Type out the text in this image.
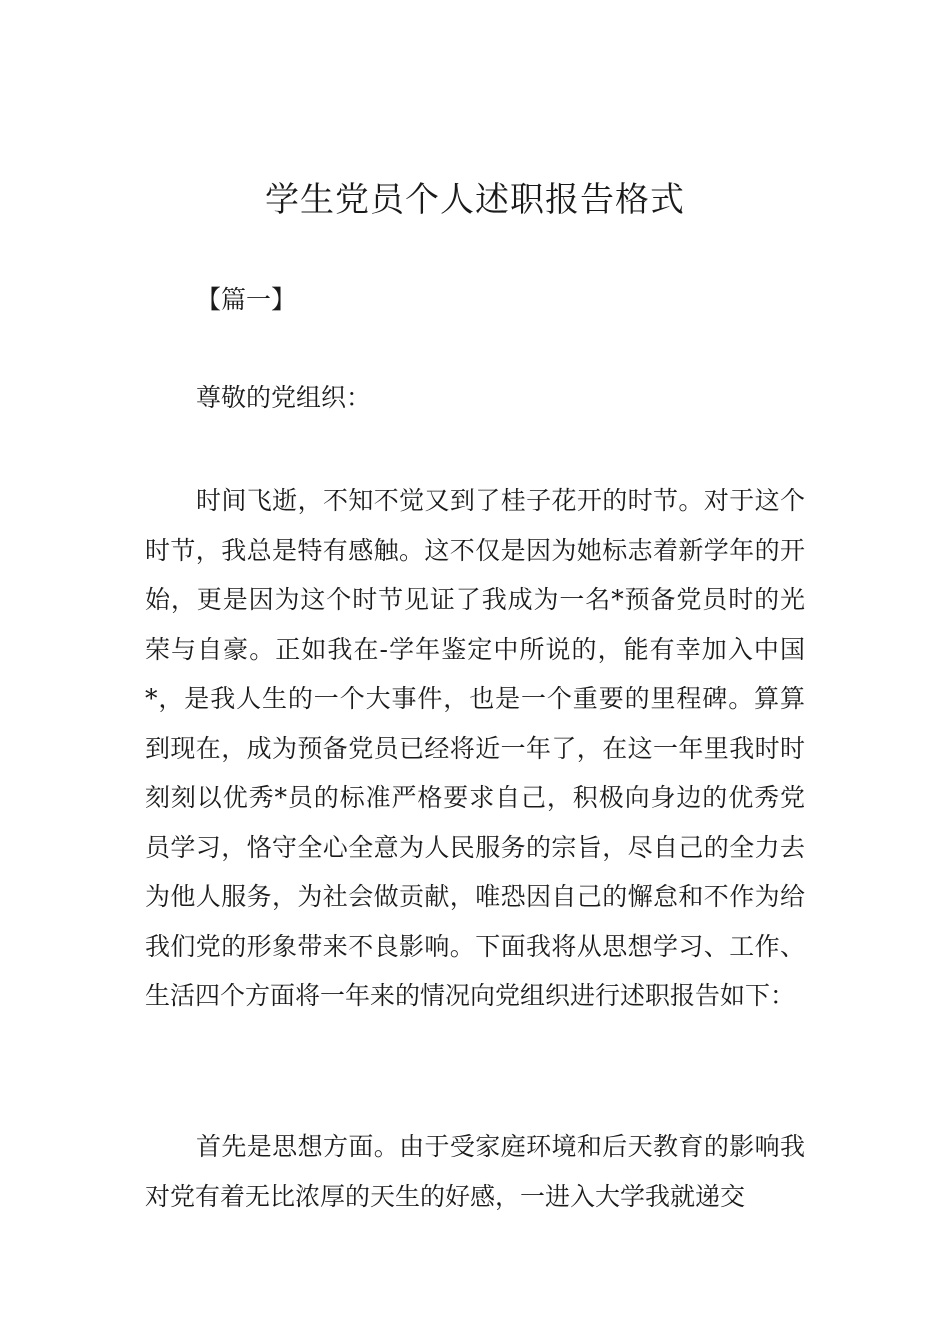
学生党员个人述职报告格式

【篇一】

尊敬的党组织：

时间飞逝，不知不觉又到了桂子花开的时节。对于这个时节，我总是特有感触。这不仅是因为她标志着新学年的开始，更是因为这个时节见证了我成为一名*预备党员时的光荣与自豪。正如我在-学年鉴定中所说的，能有幸加入中国*，是我人生的一个大事件，也是一个重要的里程碑。算算到现在，成为预备党员已经将近一年了，在这一年里我时时刻刻以优秀*员的标准严格要求自己，积极向身边的优秀党员学习，恪守全心全意为人民服务的宗旨，尽自己的全力去为他人服务，为社会做贡献，唯恐因自己的懈怠和不作为给我们党的形象带来不良影响。下面我将从思想学习、工作、生活四个方面将一年来的情况向党组织进行述职报告如下：

首先是思想方面。由于受家庭环境和后天教育的影响我对党有着无比浓厚的天生的好感，一进入大学我就递交
